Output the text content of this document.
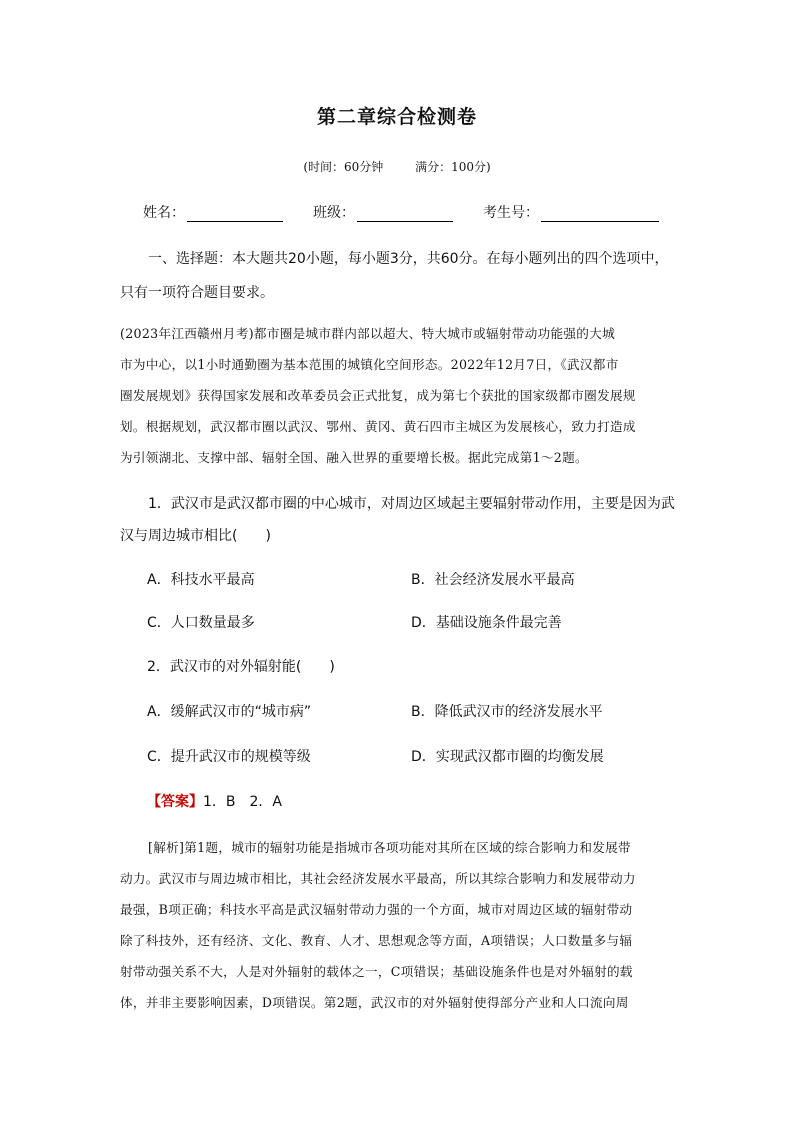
第二章综合检测卷
(时间：60分钟	满分：100分)
姓名：	班级：	考生号：
一、选择题：本大题共20小题，每小题3分，共60分。在每小题列出的四个选项中，
只有一项符合题目要求。
(2023年江西赣州月考)都市圈是城市群内部以超大、特大城市或辐射带动功能强的大城
市为中心，以1小时通勤圈为基本范围的城镇化空间形态。2022年12月7日，《武汉都市
圈发展规划》获得国家发展和改革委员会正式批复，成为第七个获批的国家级都市圈发展规
划。根据规划，武汉都市圈以武汉、鄂州、黄冈、黄石四市主城区为发展核心，致力打造成
为引领湖北、支撑中部、辐射全国、融入世界的重要增长极。据此完成第1～2题。
1．武汉市是武汉都市圈的中心城市，对周边区域起主要辐射带动作用，主要是因为武
汉与周边城市相比(　　)
A．科技水平最高	B．社会经济发展水平最高
C．人口数量最多	D．基础设施条件最完善
2．武汉市的对外辐射能(　　)
A．缓解武汉市的“城市病”	B．降低武汉市的经济发展水平
C．提升武汉市的规模等级	D．实现武汉都市圈的均衡发展
【答案】1．B　2．A
[解析]第1题，城市的辐射功能是指城市各项功能对其所在区域的综合影响力和发展带
动力。武汉市与周边城市相比，其社会经济发展水平最高，所以其综合影响力和发展带动力
最强，B项正确；科技水平高是武汉辐射带动力强的一个方面，城市对周边区域的辐射带动
除了科技外，还有经济、文化、教育、人才、思想观念等方面，A项错误；人口数量多与辐
射带动强关系不大，人是对外辐射的载体之一，C项错误；基础设施条件也是对外辐射的载
体，并非主要影响因素，D项错误。第2题，武汉市的对外辐射使得部分产业和人口流向周
